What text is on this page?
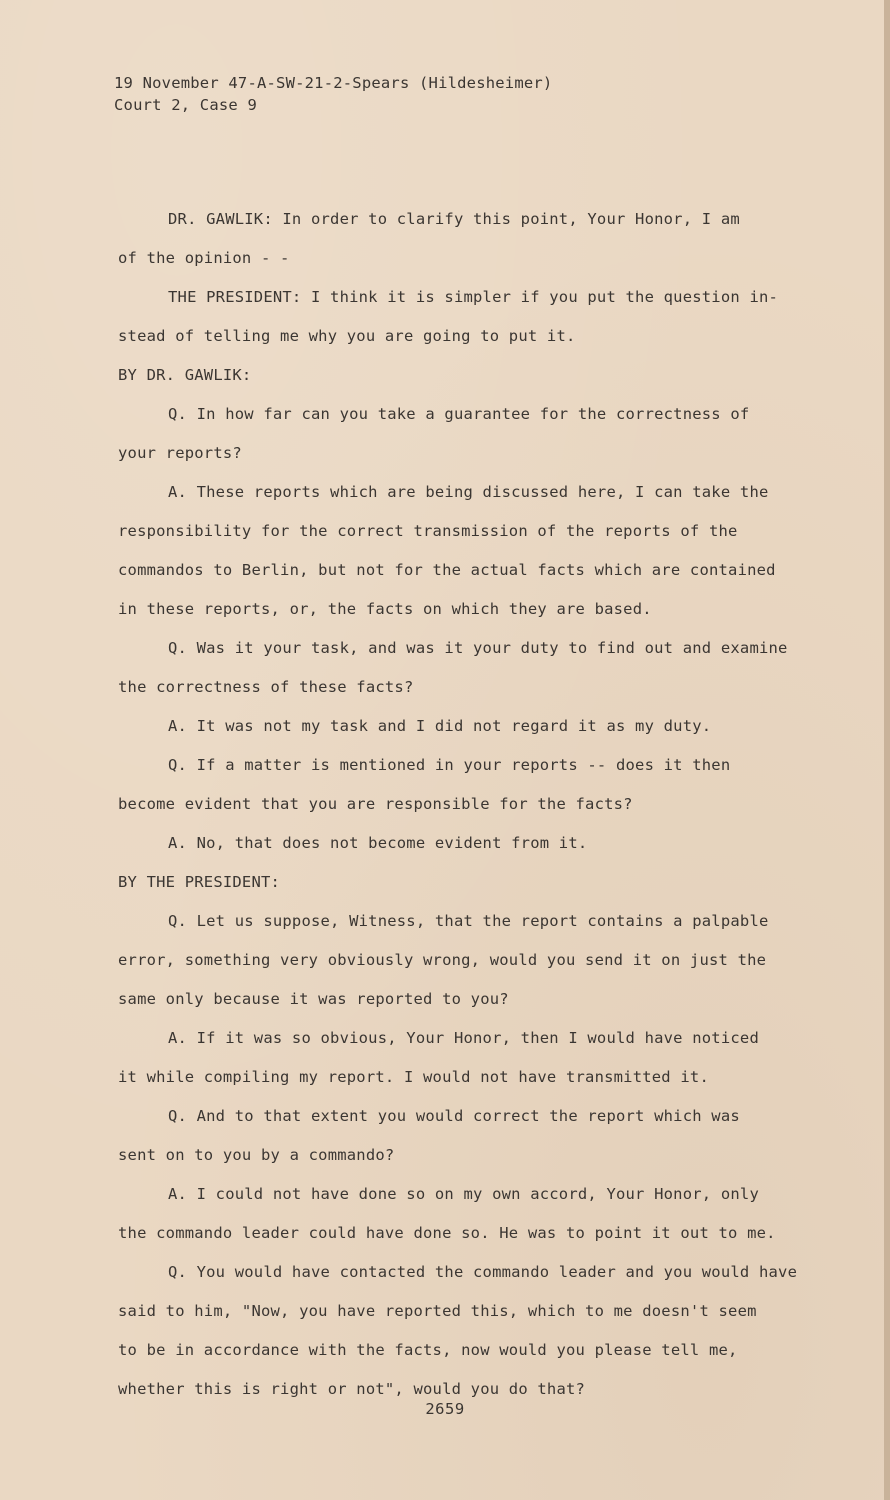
19 November 47-A-SW-21-2-Spears (Hildesheimer)
Court 2, Case 9
DR. GAWLIK: In order to clarify this point, Your Honor, I am
of the opinion - -
THE PRESIDENT: I think it is simpler if you put the question in-
stead of telling me why you are going to put it.
BY DR. GAWLIK:
Q. In how far can you take a guarantee for the correctness of
your reports?
A. These reports which are being discussed here, I can take the
responsibility for the correct transmission of the reports of the
commandos to Berlin, but not for the actual facts which are contained
in these reports, or, the facts on which they are based.
Q. Was it your task, and was it your duty to find out and examine
the correctness of these facts?
A. It was not my task and I did not regard it as my duty.
Q. If a matter is mentioned in your reports -- does it then
become evident that you are responsible for the facts?
A. No, that does not become evident from it.
BY THE PRESIDENT:
Q. Let us suppose, Witness, that the report contains a palpable
error, something very obviously wrong, would you send it on just the
same only because it was reported to you?
A. If it was so obvious, Your Honor, then I would have noticed
it while compiling my report. I would not have transmitted it.
Q. And to that extent you would correct the report which was
sent on to you by a commando?
A. I could not have done so on my own accord, Your Honor, only
the commando leader could have done so. He was to point it out to me.
Q. You would have contacted the commando leader and you would have
said to him, "Now, you have reported this, which to me doesn't seem
to be in accordance with the facts, now would you please tell me,
whether this is right or not", would you do that?
2659
